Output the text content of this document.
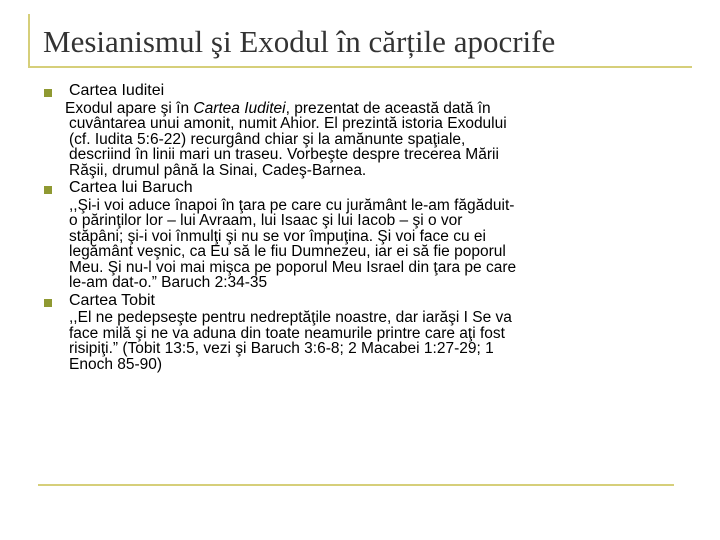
Mesianismul şi Exodul în cărțile apocrife
Cartea Iuditei
Exodul apare şi în Cartea Iuditei, prezentat de această dată în
cuvântarea unui amonit, numit Ahior. El prezintă istoria Exodului
(cf. Iudita 5:6-22) recurgând chiar şi la amănunte spaţiale,
descriind în linii mari un traseu. Vorbeşte despre trecerea Mării
Răşii, drumul până la Sinai, Cadeş-Barnea.
Cartea lui Baruch
,,Şi-i voi aduce înapoi în ţara pe care cu jurământ le-am făgăduit-
o părinţilor lor – lui Avraam, lui Isaac şi lui Iacob – şi o vor
stăpâni; şi-i voi înmulţi şi nu se vor împuţina. Şi voi face cu ei
legământ veşnic, ca Eu să le fiu Dumnezeu, iar ei să fie poporul
Meu. Şi nu-l voi mai mişca pe poporul Meu Israel din ţara pe care
le-am dat-o.” Baruch 2:34-35
Cartea Tobit
,,El ne pedepseşte pentru nedreptăţile noastre, dar iarăşi I Se va
face milă şi ne va aduna din toate neamurile printre care aţi fost
risipiţi.” (Tobit 13:5, vezi şi Baruch 3:6-8; 2 Macabei 1:27-29; 1
Enoch 85-90)
